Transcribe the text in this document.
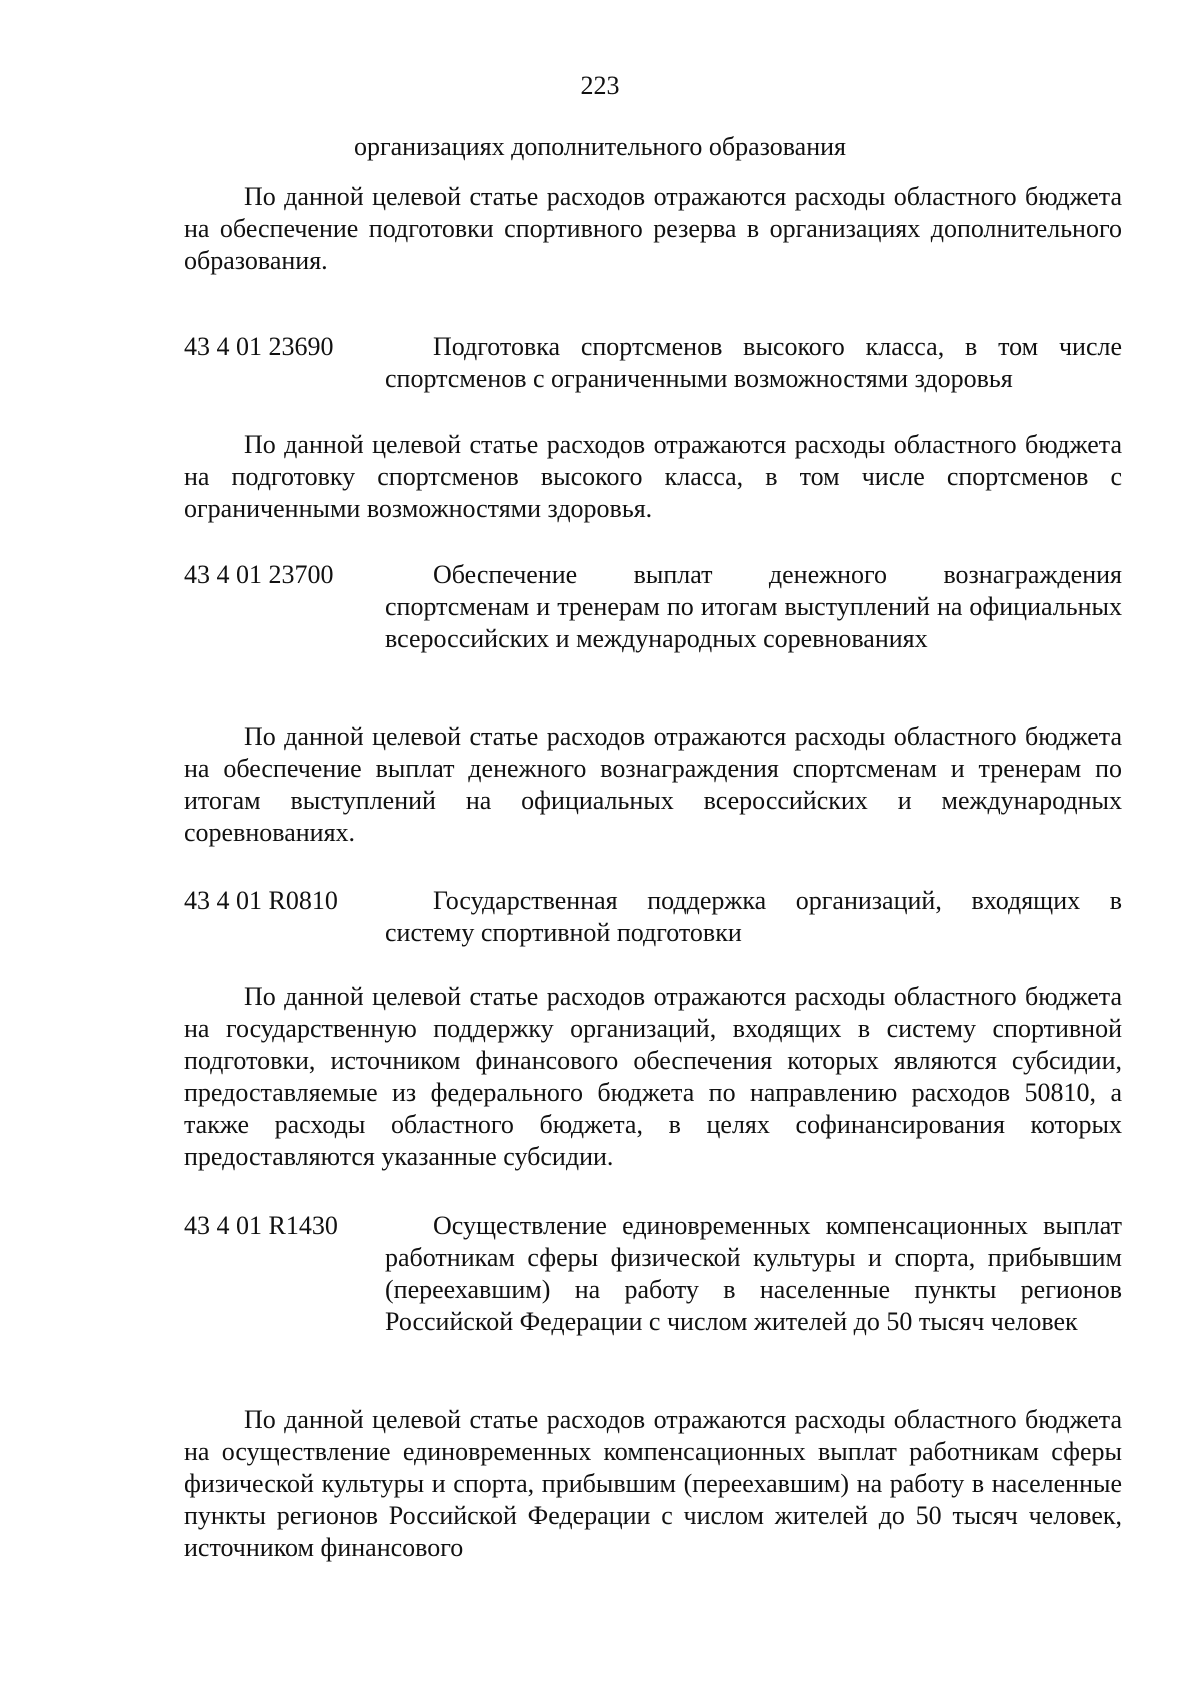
223
организациях дополнительного образования

По данной целевой статье расходов отражаются расходы областного бюджета на обеспечение подготовки спортивного резерва в организациях дополнительного образования.

43 4 01 23690	Подготовка спортсменов высокого класса, в том числе спортсменов с ограниченными возможностями здоровья

По данной целевой статье расходов отражаются расходы областного бюджета на подготовку спортсменов высокого класса, в том числе спортсменов с ограниченными возможностями здоровья.

43 4 01 23700	Обеспечение выплат денежного вознаграждения спортсменам и тренерам по итогам выступлений на официальных всероссийских и международных соревнованиях

По данной целевой статье расходов отражаются расходы областного бюджета на обеспечение выплат денежного вознаграждения спортсменам и тренерам по итогам выступлений на официальных всероссийских и международных соревнованиях.

43 4 01 R0810	Государственная поддержка организаций, входящих в систему спортивной подготовки

По данной целевой статье расходов отражаются расходы областного бюджета на государственную поддержку организаций, входящих в систему спортивной подготовки, источником финансового обеспечения которых являются субсидии, предоставляемые из федерального бюджета по направлению расходов 50810, а также расходы областного бюджета, в целях софинансирования которых предоставляются указанные субсидии.

43 4 01 R1430	Осуществление единовременных компенсационных выплат работникам сферы физической культуры и спорта, прибывшим (переехавшим) на работу в населенные пункты регионов Российской Федерации с числом жителей до 50 тысяч человек

По данной целевой статье расходов отражаются расходы областного бюджета на осуществление единовременных компенсационных выплат работникам сферы физической культуры и спорта, прибывшим (переехавшим) на работу в населенные пункты регионов Российской Федерации с числом жителей до 50 тысяч человек, источником финансового
